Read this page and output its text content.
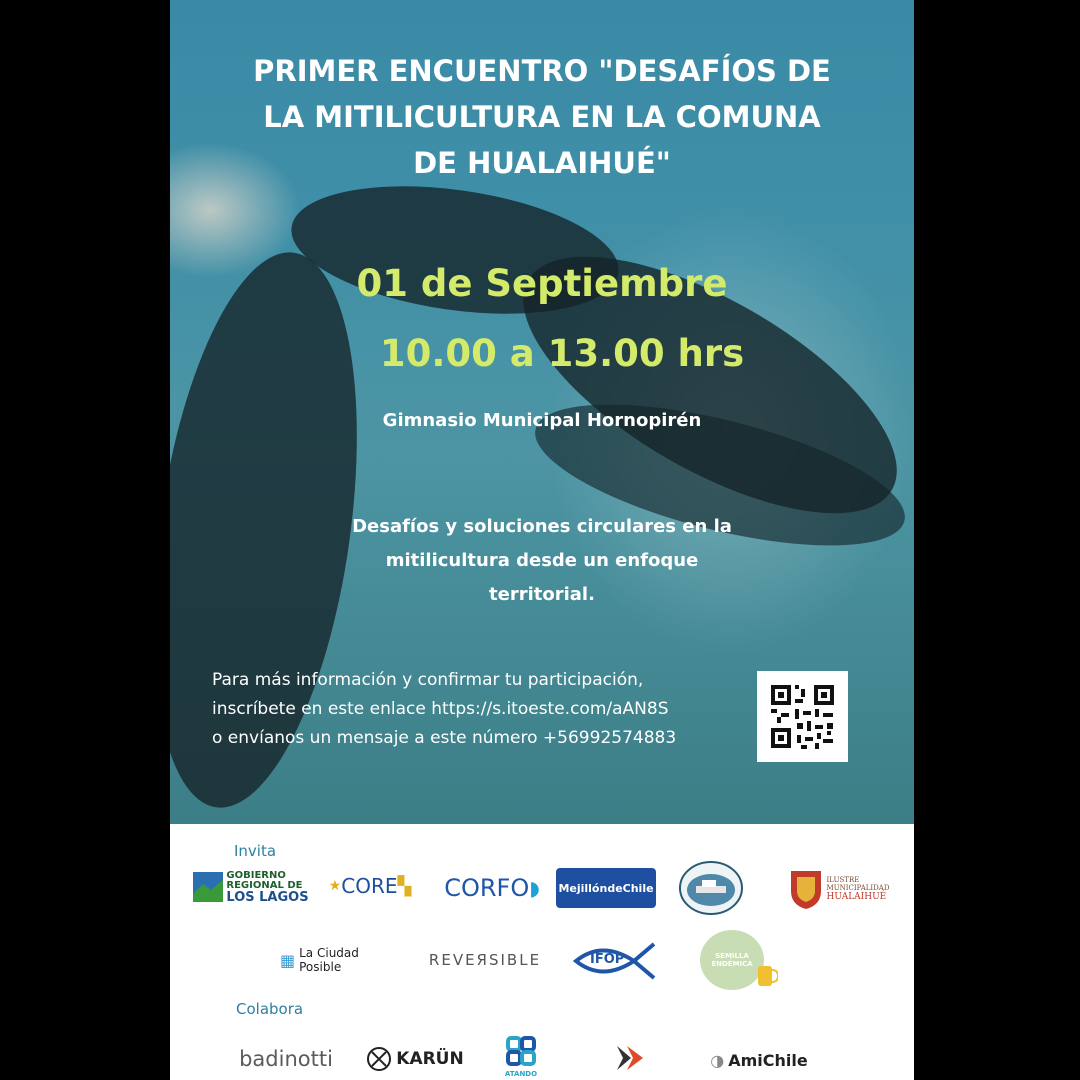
PRIMER ENCUENTRO "DESAFÍOS DE
LA MITILICULTURA EN LA COMUNA
DE HUALAIHUÉ"
01 de Septiembre
10.00 a 13.00 hrs
Gimnasio Municipal Hornopirén
Desafíos y soluciones circulares en la
mitilicultura desde un enfoque
territorial.
Para más información y confirmar tu participación,
inscríbete en este enlace https://s.itoeste.com/aAN8S
o envíanos un mensaje a este número +56992574883
Invita
GOBIERNO
REGIONAL DE
LOS LAGOS
★ CORE ▚ CORFO ◗ MejillóndeChile
ILUSTRE
MUNICIPALIDAD
HUALAIHUÉ
▦ La Ciudad Posible	REVEЯSIBLE	IFOP	SEMILLA
ENDÉMICA
Colabora
badinotti	KARÜN
ATANDO
◑ AmiChile
